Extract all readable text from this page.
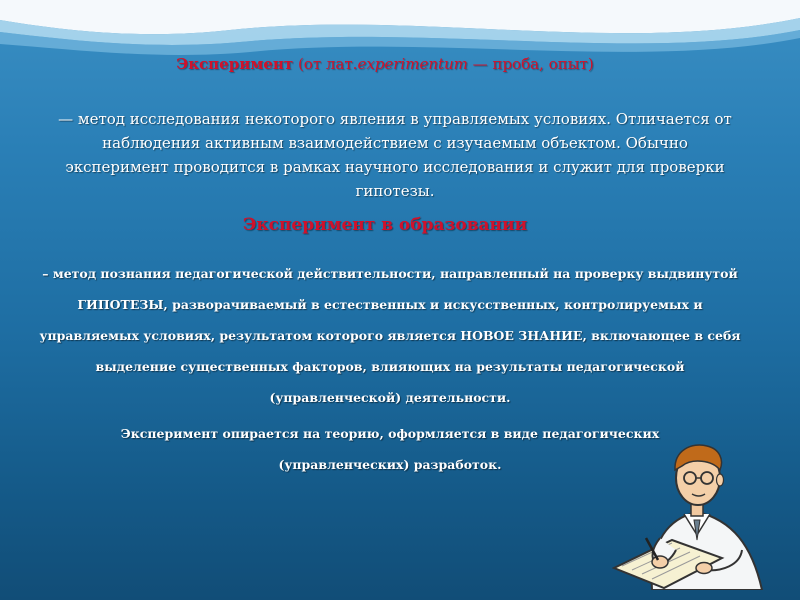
Эксперимент (от лат.experimentum — проба, опыт)
— метод исследования некоторого явления в управляемых условиях. Отличается от наблюдения активным взаимодействием с изучаемым объектом. Обычно эксперимент проводится в рамках научного исследования и служит для проверки гипотезы.
Эксперимент в образовании
– метод познания педагогической действительности, направленный на проверку выдвинутой ГИПОТЕЗЫ, разворачиваемый в естественных и искусственных, контролируемых и управляемых условиях, результатом которого является НОВОЕ ЗНАНИЕ, включающее в себя выделение существенных факторов, влияющих на результаты педагогической (управленческой) деятельности.
Эксперимент опирается на теорию, оформляется в виде педагогических (управленческих) разработок.
